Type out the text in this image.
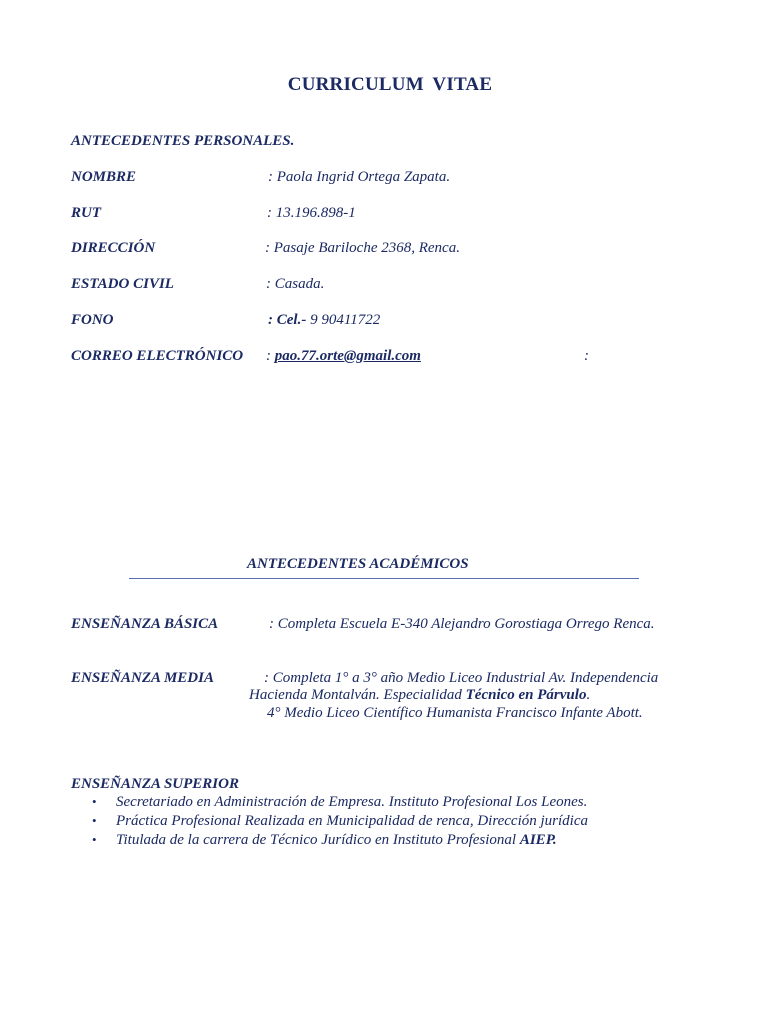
CURRICULUM VITAE
ANTECEDENTES PERSONALES.
NOMBRE	: Paola Ingrid Ortega Zapata.
RUT	: 13.196.898-1
DIRECCIÓN	: Pasaje Bariloche 2368, Renca.
ESTADO CIVIL	: Casada.
FONO	: Cel.- 9 90411722
CORREO ELECTRÓNICO : pao.77.orte@gmail.com	:
ANTECEDENTES ACADÉMICOS
ENSEÑANZA BÁSICA	: Completa Escuela E-340 Alejandro Gorostiaga Orrego Renca.
ENSEÑANZA MEDIA	: Completa 1° a 3° año Medio Liceo Industrial Av. Independencia
Hacienda Montalván. Especialidad Técnico en Párvulo.
4° Medio Liceo Científico Humanista Francisco Infante Abott.
ENSEÑANZA SUPERIOR
• Secretariado en Administración de Empresa. Instituto Profesional Los Leones.
• Práctica Profesional Realizada en Municipalidad de renca, Dirección jurídica
• Titulada de la carrera de Técnico Jurídico en Instituto Profesional AIEP.
